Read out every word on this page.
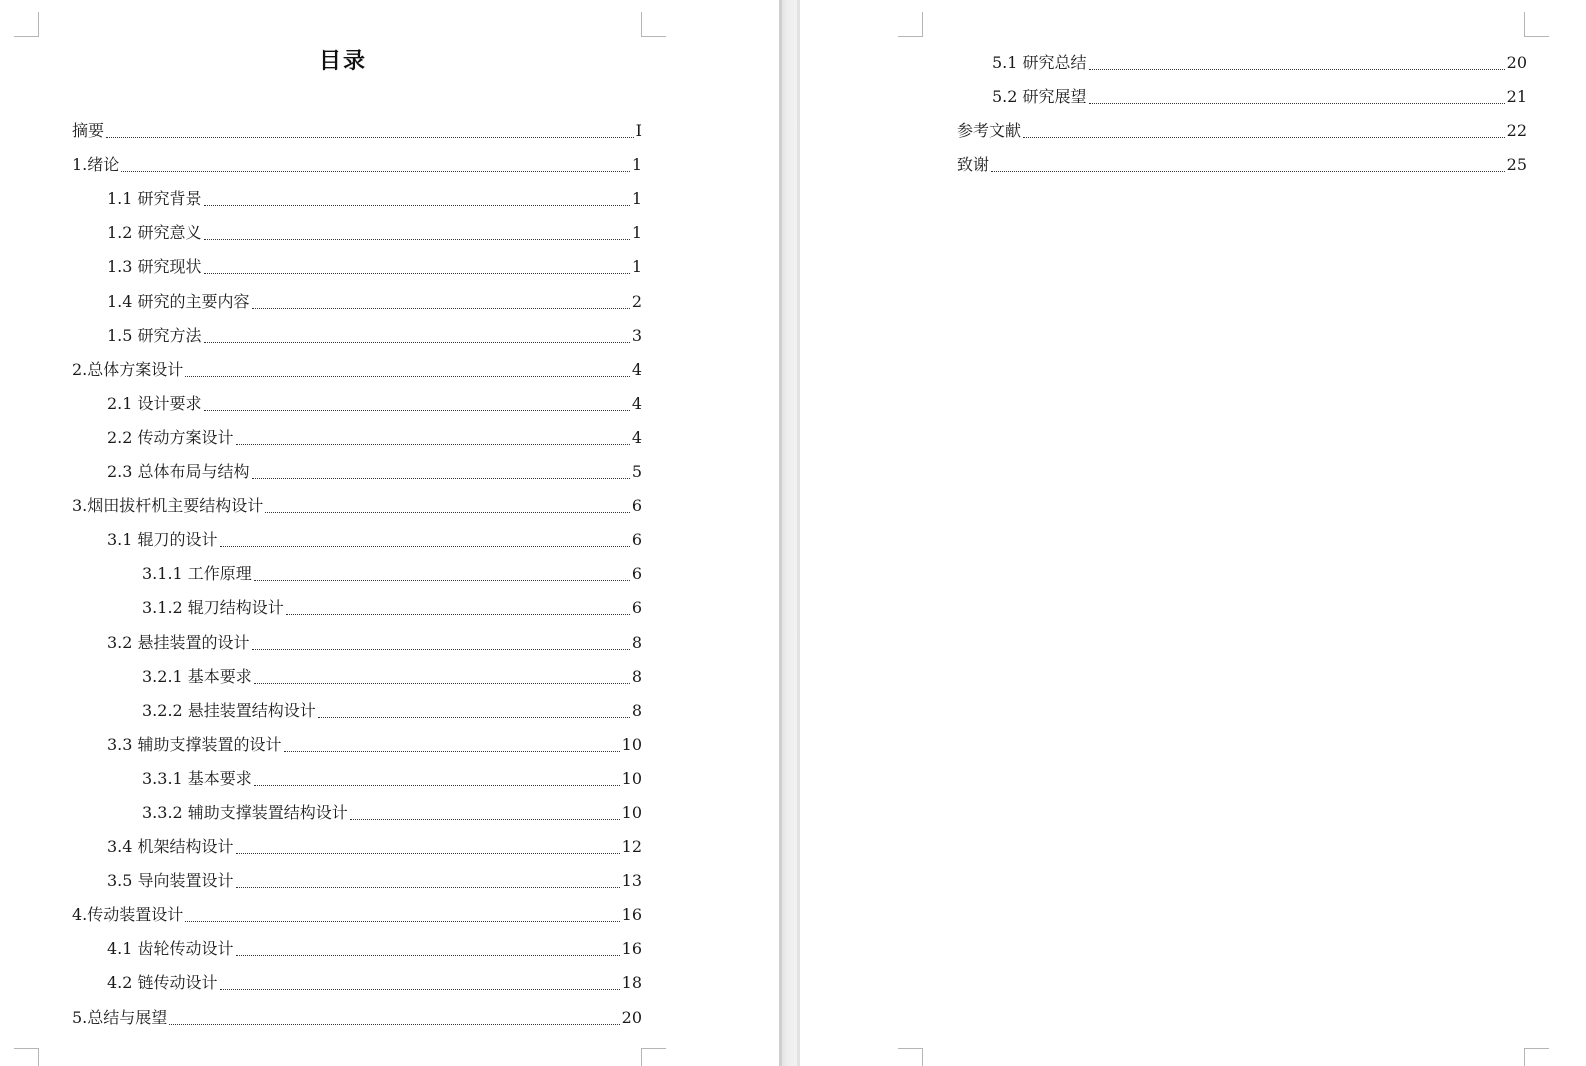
目录
摘要	I
1.绪论	1
1.1 研究背景	1
1.2 研究意义	1
1.3 研究现状	1
1.4 研究的主要内容	2
1.5 研究方法	3
2.总体方案设计	4
2.1 设计要求	4
2.2 传动方案设计	4
2.3 总体布局与结构	5
3.烟田拔杆机主要结构设计	6
3.1 辊刀的设计	6
3.1.1 工作原理	6
3.1.2 辊刀结构设计	6
3.2 悬挂装置的设计	8
3.2.1 基本要求	8
3.2.2 悬挂装置结构设计	8
3.3 辅助支撑装置的设计	10
3.3.1 基本要求	10
3.3.2 辅助支撑装置结构设计	10
3.4 机架结构设计	12
3.5 导向装置设计	13
4.传动装置设计	16
4.1 齿轮传动设计	16
4.2 链传动设计	18
5.总结与展望	20
5.1 研究总结	20
5.2 研究展望	21
参考文献	22
致谢	25
